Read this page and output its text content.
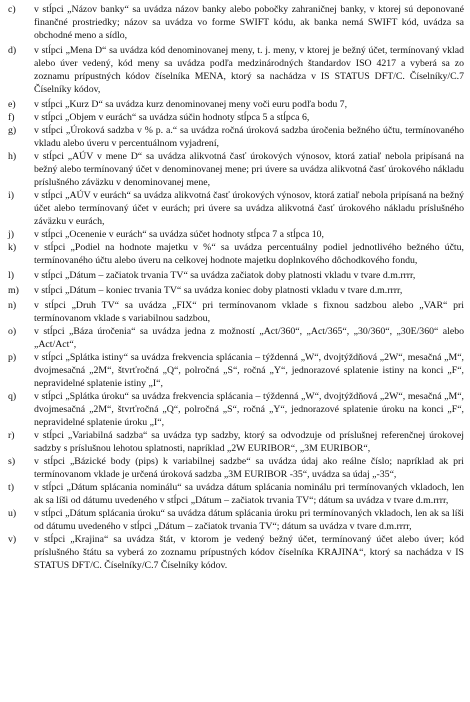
c)	v stĺpci „Názov banky“ sa uvádza názov banky alebo pobočky zahraničnej banky, v ktorej sú deponované finančné prostriedky; názov sa uvádza vo forme SWIFT kódu, ak banka nemá SWIFT kód, uvádza sa obchodné meno a sídlo,
d)	v stĺpci „Mena D“ sa uvádza kód denominovanej meny, t. j. meny, v ktorej je bežný účet, termínovaný vklad alebo úver vedený, kód meny sa uvádza podľa medzinárodných štandardov ISO 4217 a vyberá sa zo zoznamu prípustných kódov číselníka MENA, ktorý sa nachádza v IS STATUS DFT/C. Číselníky/C.7 Číselníky kódov,
e)	v stĺpci „Kurz D“ sa uvádza kurz denominovanej meny voči euru podľa bodu 7,
f)	v stĺpci „Objem v eurách“ sa uvádza súčin hodnoty stĺpca 5 a stĺpca 6,
g)	v stĺpci „Úroková sadzba v % p. a.“ sa uvádza ročná úroková sadzba úročenia bežného účtu, termínovaného vkladu alebo úveru v percentuálnom vyjadrení,
h)	v stĺpci „AÚV v mene D“ sa uvádza alikvotná časť úrokových výnosov, ktorá zatiaľ nebola pripísaná na bežný alebo termínovaný účet v denominovanej mene; pri úvere sa uvádza alikvotná časť úrokového nákladu príslušného záväzku v denominovanej mene,
i)	v stĺpci „AÚV v eurách“ sa uvádza alikvotná časť úrokových výnosov, ktorá zatiaľ nebola pripísaná na bežný účet alebo termínovaný účet v eurách; pri úvere sa uvádza alikvotná časť úrokového nákladu príslušného záväzku v eurách,
j)	v stĺpci „Ocenenie v eurách“ sa uvádza súčet hodnoty stĺpca 7 a stĺpca 10,
k)	v stĺpci „Podiel na hodnote majetku v %“ sa uvádza percentuálny podiel jednotlivého bežného účtu, termínovaného účtu alebo úveru na celkovej hodnote majetku doplnkového dôchodkového fondu,
l)	v stĺpci „Dátum – začiatok trvania TV“ sa uvádza začiatok doby platnosti vkladu v tvare d.m.rrrr,
m)	v stĺpci „Dátum – koniec trvania TV“ sa uvádza koniec doby platnosti vkladu v tvare d.m.rrrr,
n)	v stĺpci „Druh TV“ sa uvádza „FIX“ pri termínovanom vklade s fixnou sadzbou alebo „VAR“ pri termínovanom vklade s variabilnou sadzbou,
o)	v stĺpci „Báza úročenia“ sa uvádza jedna z možností „Act/360“, „Act/365“, „30/360“, „30E/360“ alebo „Act/Act“,
p)	v stĺpci „Splátka istiny“ sa uvádza frekvencia splácania – týždenná „W“, dvojtýždňová „2W“, mesačná „M“, dvojmesačná „2M“, štvrťročná „Q“, polročná „S“, ročná „Y“, jednorazové splatenie istiny na konci „F“, nepravidelné splatenie istiny „I“,
q)	v stĺpci „Splátka úroku“ sa uvádza frekvencia splácania – týždenná „W“, dvojtýždňová „2W“, mesačná „M“, dvojmesačná „2M“, štvrťročná „Q“, polročná „S“, ročná „Y“, jednorazové splatenie úroku na konci „F“, nepravidelné splatenie úroku „I“,
r)	v stĺpci „Variabilná sadzba“ sa uvádza typ sadzby, ktorý sa odvodzuje od príslušnej referenčnej úrokovej sadzby s príslušnou lehotou splatnosti, napríklad „2W EURIBOR“, „3M EURIBOR“,
s)	v stĺpci „Bázické body (pips) k variabilnej sadzbe“ sa uvádza údaj ako reálne číslo; napríklad ak pri termínovanom vklade je určená úroková sadzba „3M EURIBOR -35“, uvádza sa údaj „-35“,
t)	v stĺpci „Dátum splácania nominálu“ sa uvádza dátum splácania nominálu pri termínovaných vkladoch, len ak sa líši od dátumu uvedeného v stĺpci „Dátum – začiatok trvania TV“; dátum sa uvádza v tvare d.m.rrrr,
u)	v stĺpci „Dátum splácania úroku“ sa uvádza dátum splácania úroku pri termínovaných vkladoch, len ak sa líši od dátumu uvedeného v stĺpci „Dátum – začiatok trvania TV“; dátum sa uvádza v tvare d.m.rrrr,
v)	v stĺpci „Krajina“ sa uvádza štát, v ktorom je vedený bežný účet, termínovaný účet alebo úver; kód príslušného štátu sa vyberá zo zoznamu prípustných kódov číselníka KRAJINA“, ktorý sa nachádza v IS STATUS DFT/C. Číselníky/C.7 Číselníky kódov.
